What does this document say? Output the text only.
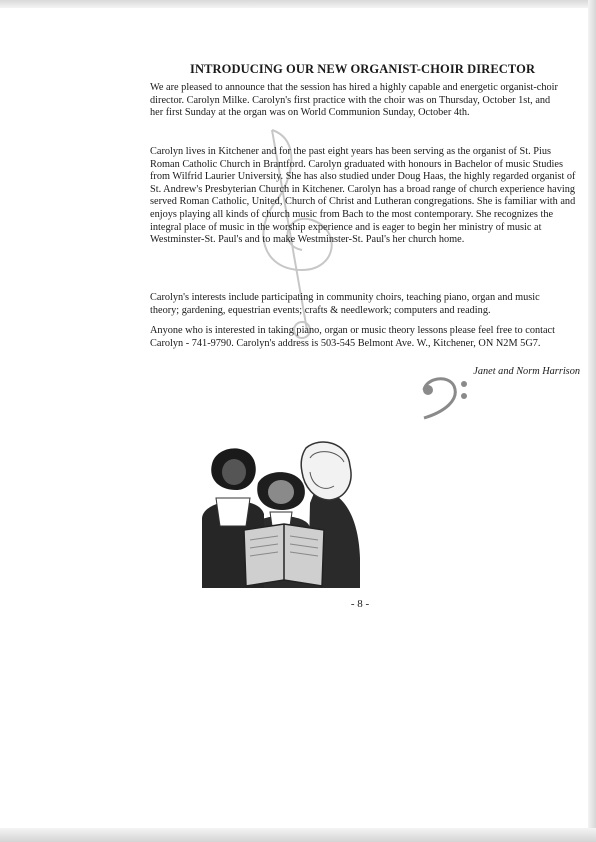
INTRODUCING OUR NEW ORGANIST-CHOIR DIRECTOR

We are pleased to announce that the session has hired a highly capable and energetic organist-choir director. Carolyn Milke. Carolyn's first practice with the choir was on Thursday, October 1st, and her first Sunday at the organ was on World Communion Sunday, October 4th.

Carolyn lives in Kitchener and for the past eight years has been serving as the organist of St. Pius Roman Catholic Church in Brantford. Carolyn graduated with honours in Bachelor of music Studies from Wilfrid Laurier University. She has also studied under Doug Haas, the highly regarded organist of St. Andrew's Presbyterian Church in Kitchener. Carolyn has a broad range of church experience having served Roman Catholic, United, Church of Christ and Lutheran congregations. She is familiar with and enjoys playing all kinds of church music from Bach to the most contemporary. She recognizes the integral place of music in the worship experience and is eager to begin her ministry of music at Westminster-St. Paul's and to make Westminster-St. Paul's her church home.

Carolyn's interests include participating in community choirs, teaching piano, organ and music theory; gardening, equestrian events; crafts & needlework; computers and reading.

Anyone who is interested in taking piano, organ or music theory lessons please feel free to contact Carolyn - 741-9790. Carolyn's address is 503-545 Belmont Ave. W., Kitchener, ON N2M 5G7.

Janet and Norm Harrison

- 8 -
